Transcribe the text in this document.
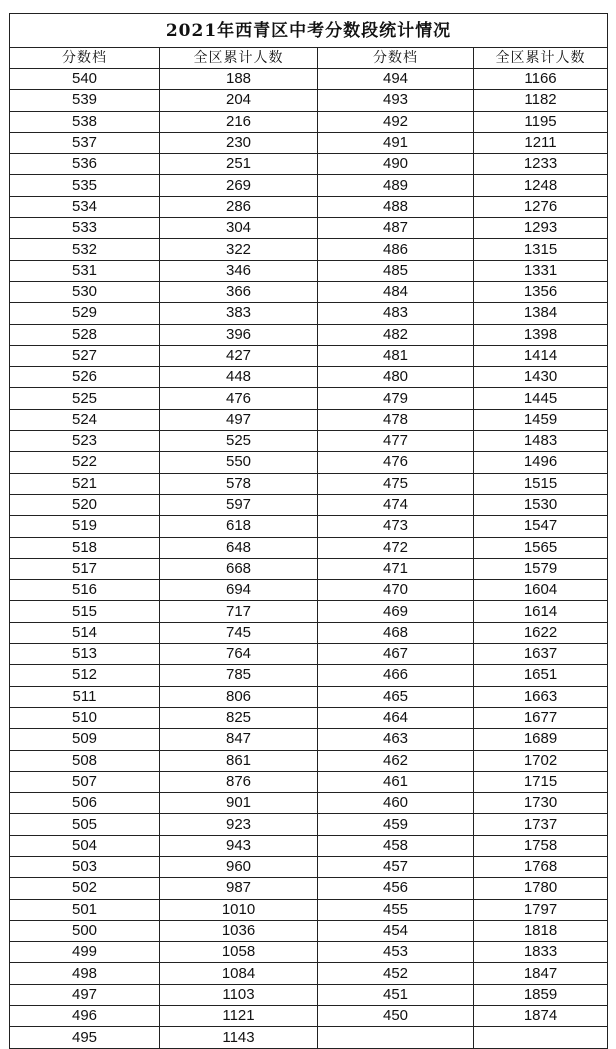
2021年西青区中考分数段统计情况			
分数档	全区累计人数	分数档	全区累计人数
540	188	494	1166
539	204	493	1182
538	216	492	1195
537	230	491	1211
536	251	490	1233
535	269	489	1248
534	286	488	1276
533	304	487	1293
532	322	486	1315
531	346	485	1331
530	366	484	1356
529	383	483	1384
528	396	482	1398
527	427	481	1414
526	448	480	1430
525	476	479	1445
524	497	478	1459
523	525	477	1483
522	550	476	1496
521	578	475	1515
520	597	474	1530
519	618	473	1547
518	648	472	1565
517	668	471	1579
516	694	470	1604
515	717	469	1614
514	745	468	1622
513	764	467	1637
512	785	466	1651
511	806	465	1663
510	825	464	1677
509	847	463	1689
508	861	462	1702
507	876	461	1715
506	901	460	1730
505	923	459	1737
504	943	458	1758
503	960	457	1768
502	987	456	1780
501	1010	455	1797
500	1036	454	1818
499	1058	453	1833
498	1084	452	1847
497	1103	451	1859
496	1121	450	1874
495	1143		
